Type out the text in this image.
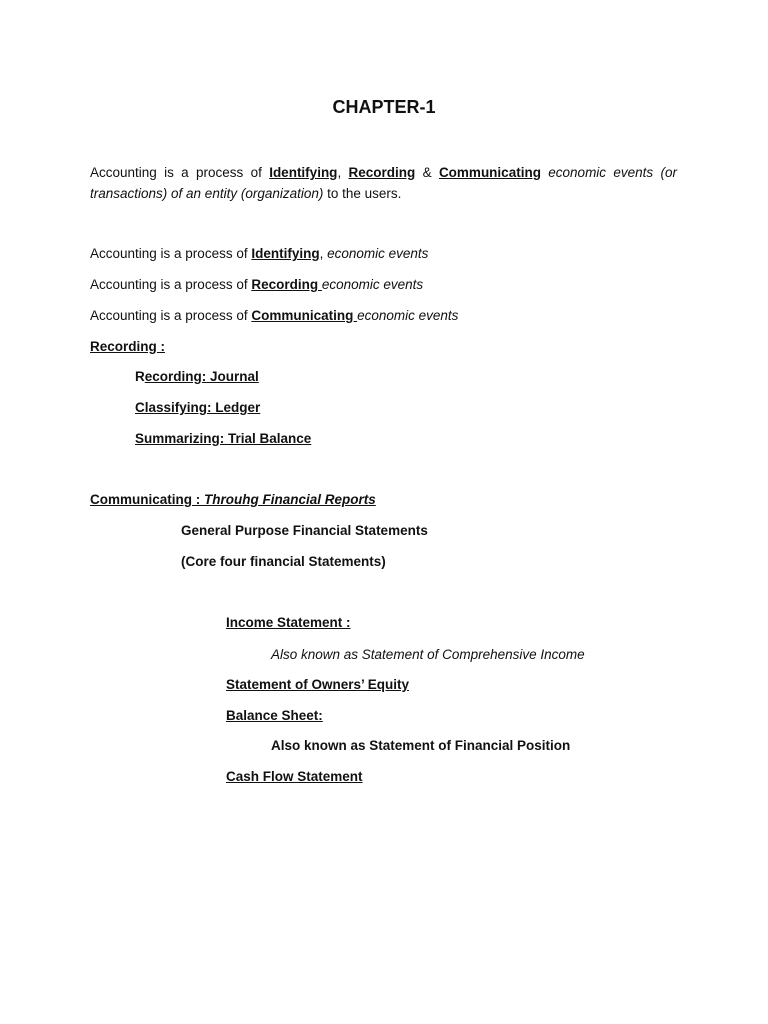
CHAPTER-1
Accounting is a process of Identifying, Recording & Communicating economic events (or transactions) of an entity (organization) to the users.
Accounting is a process of Identifying, economic events
Accounting is a process of Recording economic events
Accounting is a process of Communicating economic events
Recording :
Recording: Journal
Classifying: Ledger
Summarizing: Trial Balance
Communicating : Throuhg Financial Reports
General Purpose Financial Statements
(Core four financial Statements)
Income Statement :
Also known as Statement of Comprehensive Income
Statement of Owners’ Equity
Balance Sheet:
Also known as Statement of Financial Position
Cash Flow Statement
